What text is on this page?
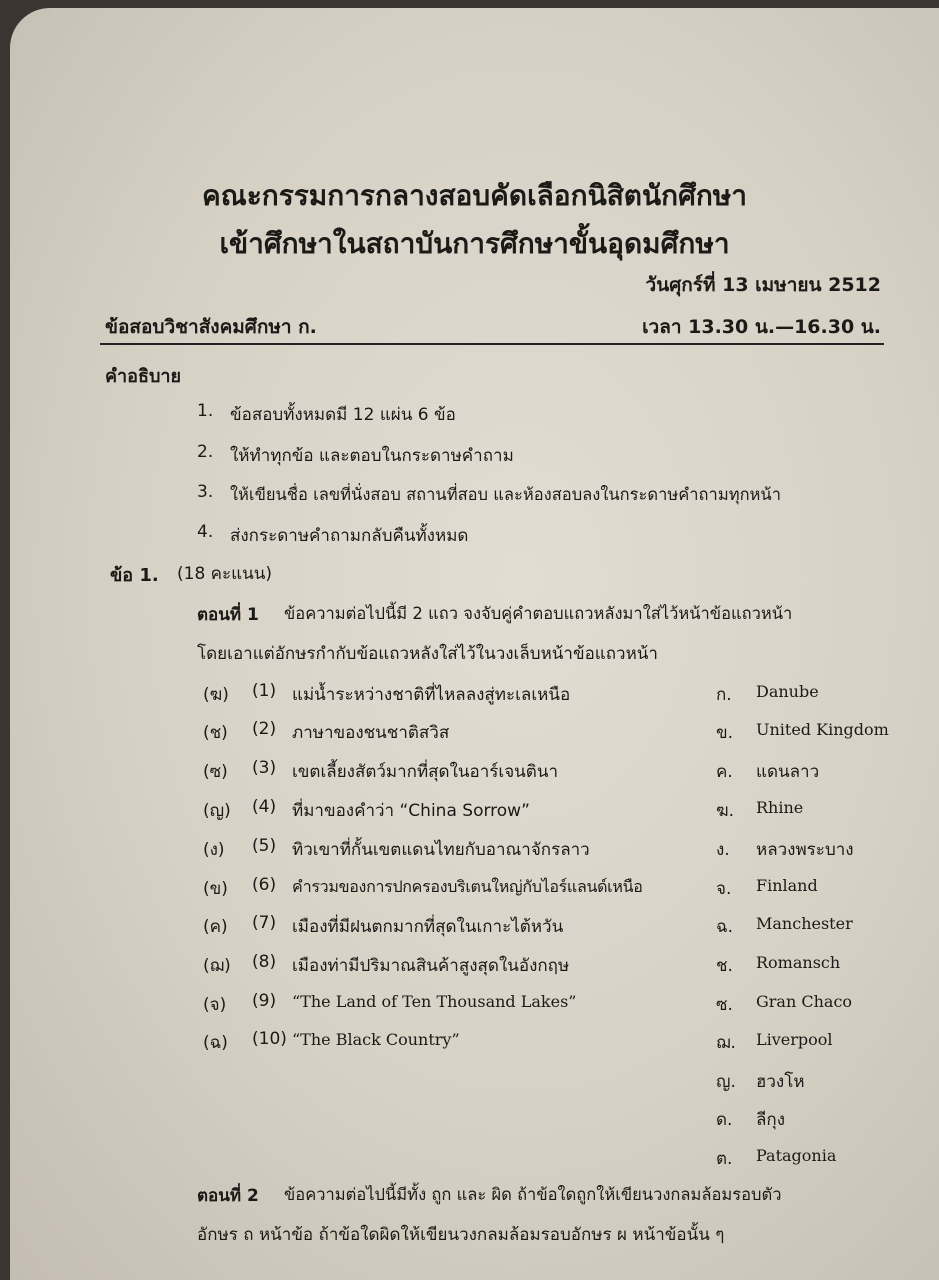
คณะกรรมการกลางสอบคัดเลือกนิสิตนักศึกษา
เข้าศึกษาในสถาบันการศึกษาขั้นอุดมศึกษา
วันศุกร์ที่ 13 เมษายน 2512
ข้อสอบวิชาสังคมศึกษา ก.	เวลา 13.30 น.—16.30 น.
คำอธิบาย
1. ข้อสอบทั้งหมดมี 12 แผ่น 6 ข้อ
2. ให้ทำทุกข้อ และตอบในกระดาษคำถาม
3. ให้เขียนชื่อ เลขที่นั่งสอบ สถานที่สอบ และห้องสอบลงในกระดาษคำถามทุกหน้า
4. ส่งกระดาษคำถามกลับคืนทั้งหมด
ข้อ 1. (18 คะแนน)
ตอนที่ 1 ข้อความต่อไปนี้มี 2 แถว จงจับคู่คำตอบแถวหลังมาใส่ไว้หน้าข้อแถวหน้า
โดยเอาแต่อักษรกำกับข้อแถวหลังใส่ไว้ในวงเล็บหน้าข้อแถวหน้า
(ฆ) (1) แม่น้ำระหว่างชาติที่ไหลลงสู่ทะเลเหนือ
(ช) (2) ภาษาของชนชาติสวิส
(ซ) (3) เขตเลี้ยงสัตว์มากที่สุดในอาร์เจนตินา
(ญ) (4) ที่มาของคำว่า “China Sorrow”
(ง) (5) ทิวเขาที่กั้นเขตแดนไทยกับอาณาจักรลาว
(ข) (6) คำรวมของการปกครองบริเตนใหญ่กับไอร์แลนด์เหนือ
(ค) (7) เมืองที่มีฝนตกมากที่สุดในเกาะไต้หวัน
(ฌ) (8) เมืองท่ามีปริมาณสินค้าสูงสุดในอังกฤษ
(จ) (9) “The Land of Ten Thousand Lakes”
(ฉ) (10) “The Black Country”
ก. Danube
ข. United Kingdom
ค. แดนลาว
ฆ. Rhine
ง. หลวงพระบาง
จ. Finland
ฉ. Manchester
ช. Romansch
ซ. Gran Chaco
ฌ. Liverpool
ญ. ฮวงโห
ด. ลีกุง
ต. Patagonia
ตอนที่ 2 ข้อความต่อไปนี้มีทั้ง ถูก และ ผิด ถ้าข้อใดถูกให้เขียนวงกลมล้อมรอบตัว
อักษร ถ หน้าข้อ ถ้าข้อใดผิดให้เขียนวงกลมล้อมรอบอักษร ผ หน้าข้อนั้น ๆ
